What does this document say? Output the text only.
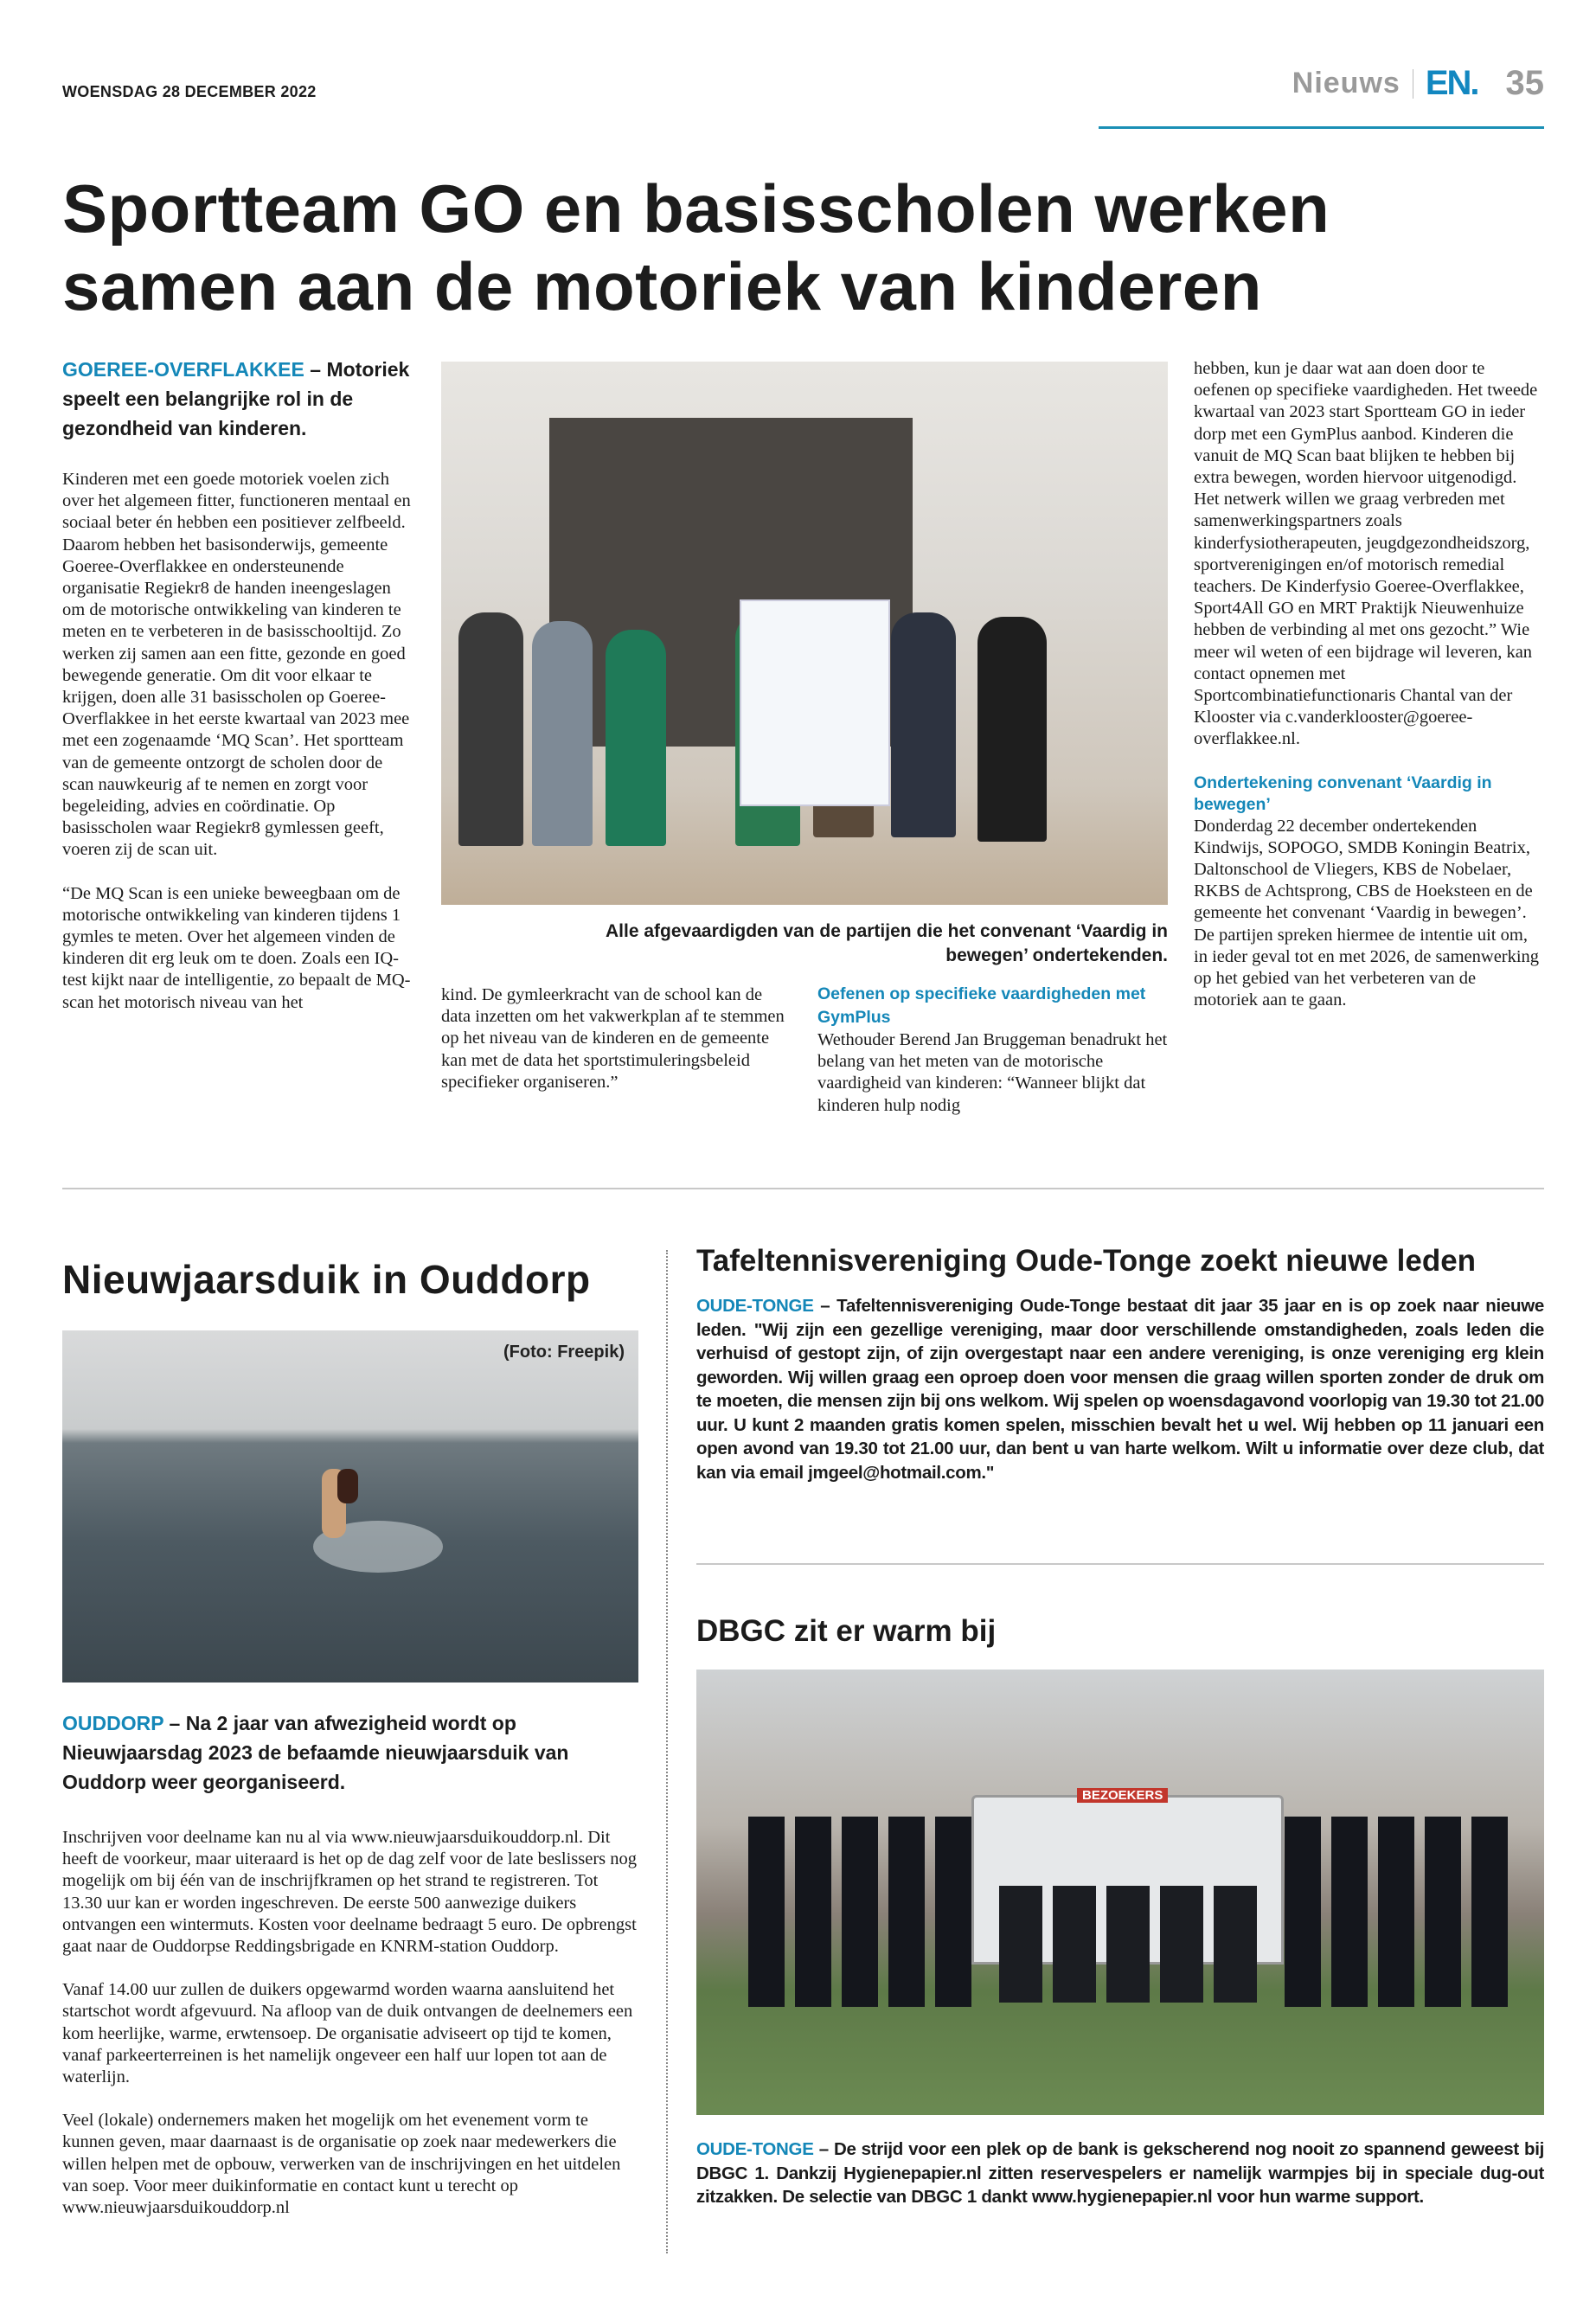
WOENSDAG 28 DECEMBER 2022	Nieuws EN. 35
Sportteam GO en basisscholen werken samen aan de motoriek van kinderen
GOEREE-OVERFLAKKEE – Motoriek speelt een belangrijke rol in de gezondheid van kinderen.

Kinderen met een goede motoriek voelen zich over het algemeen fitter, functioneren mentaal en sociaal beter én hebben een positiever zelfbeeld. Daarom hebben het basisonderwijs, gemeente Goeree-Overflakkee en ondersteunende organisatie Regiekr8 de handen ineengeslagen om de motorische ontwikkeling van kinderen te meten en te verbeteren in de basisschooltijd. Zo werken zij samen aan een fitte, gezonde en goed bewegende generatie. Om dit voor elkaar te krijgen, doen alle 31 basisscholen op Goeree-Overflakkee in het eerste kwartaal van 2023 mee met een zogenaamde ‘MQ Scan’. Het sportteam van de gemeente ontzorgt de scholen door de scan nauwkeurig af te nemen en zorgt voor begeleiding, advies en coördinatie. Op basisscholen waar Regiekr8 gymlessen geeft, voeren zij de scan uit.

“De MQ Scan is een unieke beweegbaan om de motorische ontwikkeling van kinderen tijdens 1 gymles te meten. Over het algemeen vinden de kinderen dit erg leuk om te doen. Zoals een IQ-test kijkt naar de intelligentie, zo bepaalt de MQ-scan het motorisch niveau van het

Alle afgevaardigden van de partijen die het convenant ‘Vaardig in bewegen’ ondertekenden.
kind. De gymleerkracht van de school kan de data inzetten om het vakwerkplan af te stemmen op het niveau van de kinderen en de gemeente kan met de data het sportstimuleringsbeleid specifieker organiseren.”
Oefenen op specifieke vaardigheden met GymPlus
Wethouder Berend Jan Bruggeman benadrukt het belang van het meten van de motorische vaardigheid van kinderen: “Wanneer blijkt dat kinderen hulp nodig
hebben, kun je daar wat aan doen door te oefenen op specifieke vaardigheden. Het tweede kwartaal van 2023 start Sportteam GO in ieder dorp met een GymPlus aanbod. Kinderen die vanuit de MQ Scan baat blijken te hebben bij extra bewegen, worden hiervoor uitgenodigd. Het netwerk willen we graag verbreden met samenwerkingspartners zoals kinderfysiotherapeuten, jeugdgezondheidszorg, sportverenigingen en/of motorisch remedial teachers. De Kinderfysio Goeree-Overflakkee, Sport4All GO en MRT Praktijk Nieuwenhuize hebben de verbinding al met ons gezocht.” Wie meer wil weten of een bijdrage wil leveren, kan contact opnemen met Sportcombinatiefunctionaris Chantal van der Klooster via c.vanderklooster@goeree-overflakkee.nl.
Ondertekening convenant ‘Vaardig in bewegen’
Donderdag 22 december ondertekenden Kindwijs, SOPOGO, SMDB Koningin Beatrix, Daltonschool de Vliegers, KBS de Nobelaer, RKBS de Achtsprong, CBS de Hoeksteen en de gemeente het convenant ‘Vaardig in bewegen’. De partijen spreken hiermee de intentie uit om, in ieder geval tot en met 2026, de samenwerking op het gebied van het verbeteren van de motoriek aan te gaan.
Nieuwjaarsduik in Ouddorp
(Foto: Freepik)
OUDDORP – Na 2 jaar van afwezigheid wordt op Nieuwjaarsdag 2023 de befaamde nieuwjaarsduik van Ouddorp weer georganiseerd.

Inschrijven voor deelname kan nu al via www.nieuwjaarsduikouddorp.nl. Dit heeft de voorkeur, maar uiteraard is het op de dag zelf voor de late beslissers nog mogelijk om bij één van de inschrijfkramen op het strand te registreren. Tot 13.30 uur kan er worden ingeschreven. De eerste 500 aanwezige duikers ontvangen een wintermuts. Kosten voor deelname bedraagt 5 euro. De opbrengst gaat naar de Ouddorpse Reddingsbrigade en KNRM-station Ouddorp.

Vanaf 14.00 uur zullen de duikers opgewarmd worden waarna aansluitend het startschot wordt afgevuurd. Na afloop van de duik ontvangen de deelnemers een kom heerlijke, warme, erwtensoep. De organisatie adviseert op tijd te komen, vanaf parkeerterreinen is het namelijk ongeveer een half uur lopen tot aan de waterlijn.

Veel (lokale) ondernemers maken het mogelijk om het evenement vorm te kunnen geven, maar daarnaast is de organisatie op zoek naar medewerkers die willen helpen met de opbouw, verwerken van de inschrijvingen en het uitdelen van soep. Voor meer duikinformatie en contact kunt u terecht op www.nieuwjaarsduikouddorp.nl

Tafeltennisvereniging Oude-Tonge zoekt nieuwe leden
OUDE-TONGE – Tafeltennisvereniging Oude-Tonge bestaat dit jaar 35 jaar en is op zoek naar nieuwe leden. "Wij zijn een gezellige vereniging, maar door verschillende omstandigheden, zoals leden die verhuisd of gestopt zijn, of zijn overgestapt naar een andere vereniging, is onze vereniging erg klein geworden. Wij willen graag een oproep doen voor mensen die graag willen sporten zonder de druk om te moeten, die mensen zijn bij ons welkom. Wij spelen op woensdagavond voorlopig van 19.30 tot 21.00 uur. U kunt 2 maanden gratis komen spelen, misschien bevalt het u wel. Wij hebben op 11 januari een open avond van 19.30 tot 21.00 uur, dan bent u van harte welkom. Wilt u informatie over deze club, dat kan via email jmgeel@hotmail.com."
DBGC zit er warm bij
BEZOEKERS
OUDE-TONGE – De strijd voor een plek op de bank is gekscherend nog nooit zo spannend geweest bij DBGC 1. Dankzij Hygienepapier.nl zitten reservespelers er namelijk warmpjes bij in speciale dug-out zitzakken. De selectie van DBGC 1 dankt www.hygienepapier.nl voor hun warme support.
